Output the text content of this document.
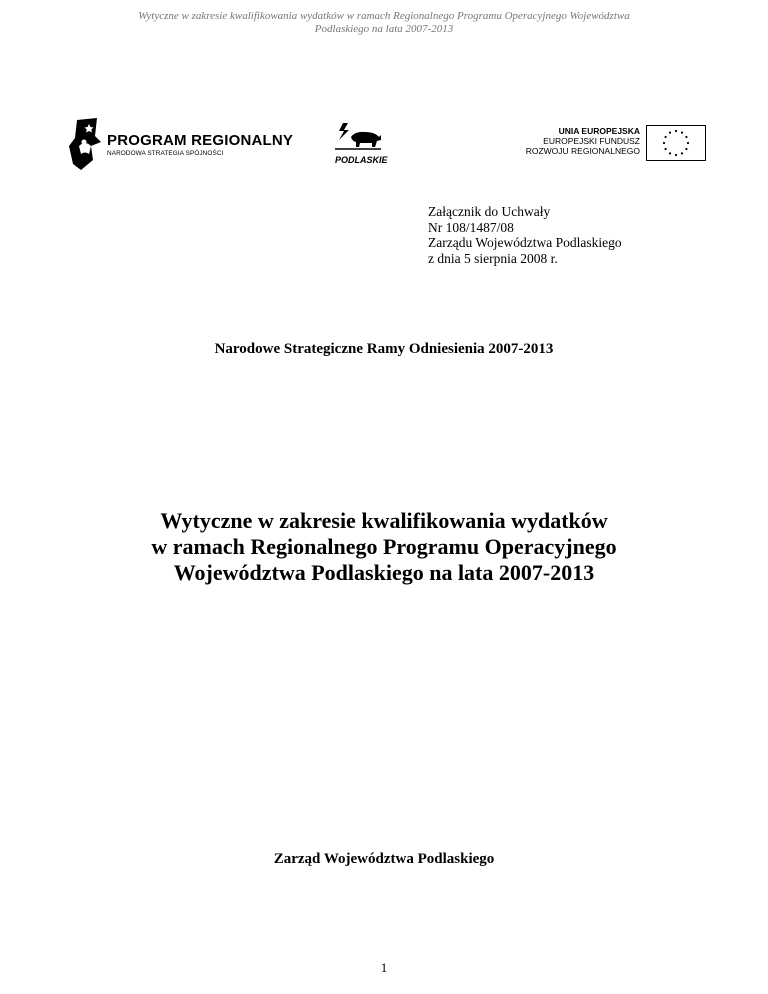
Wytyczne w zakresie kwalifikowania wydatków w ramach Regionalnego Programu Operacyjnego Województwa
Podlaskiego na lata 2007-2013
PROGRAM REGIONALNY
NARODOWA STRATEGIA SPÓJNOŚCI
PODLASKIE
UNIA EUROPEJSKA
EUROPEJSKI FUNDUSZ
ROZWOJU REGIONALNEGO
Załącznik do Uchwały
Nr 108/1487/08
Zarządu Województwa Podlaskiego
z dnia 5 sierpnia 2008 r.
Narodowe Strategiczne Ramy Odniesienia 2007-2013
Wytyczne w zakresie kwalifikowania wydatków
w ramach Regionalnego Programu Operacyjnego
Województwa Podlaskiego na lata 2007-2013
Zarząd Województwa Podlaskiego
1
